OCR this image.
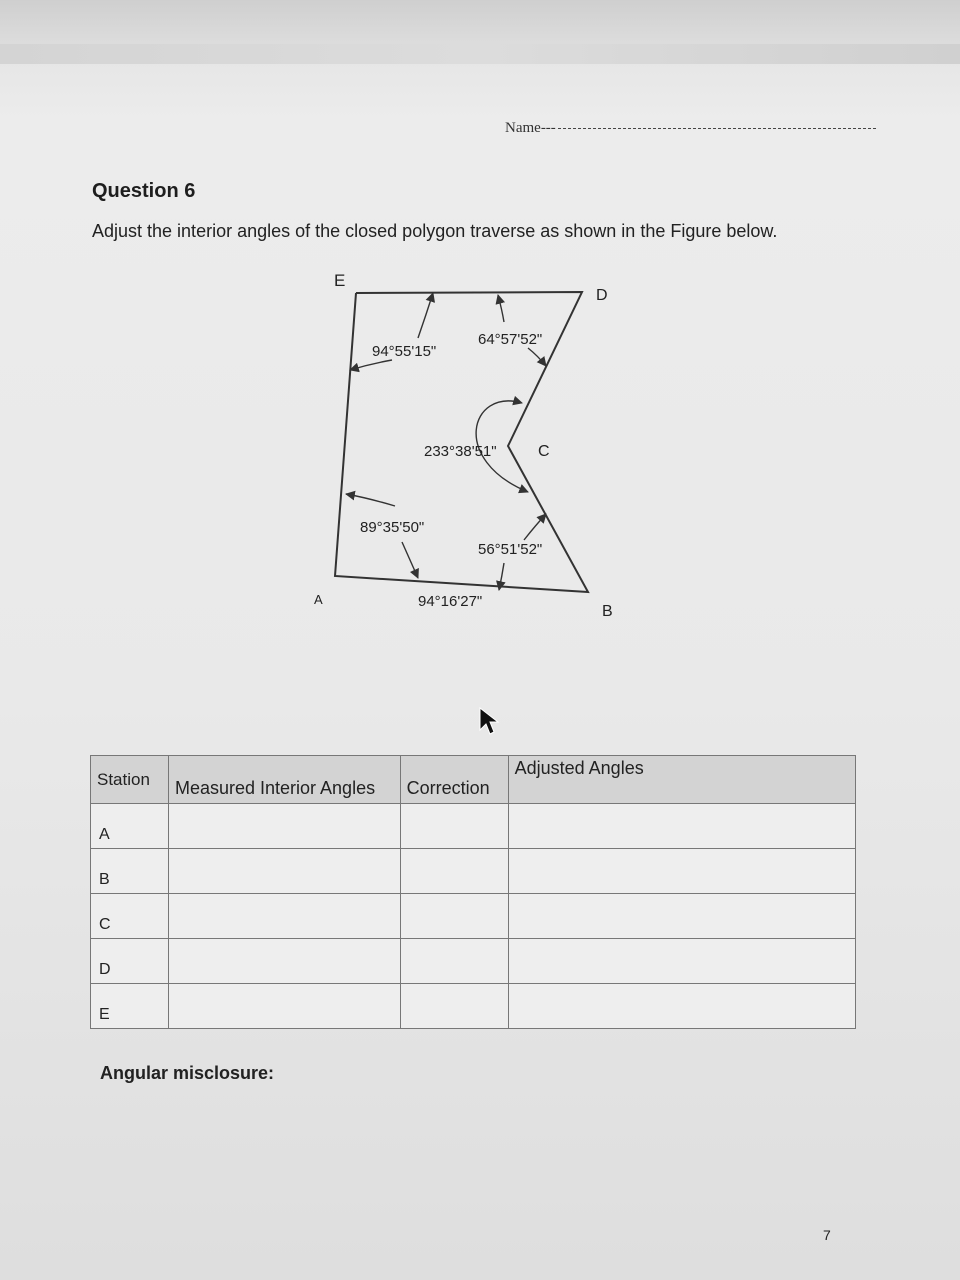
Name---
Question 6
Adjust the interior angles of the closed polygon traverse as shown in the Figure below.
E
D
C
A
B
94°55'15"
64°57'52"
233°38'51"
89°35'50"
56°51'52"
94°16'27"
Station	Measured Interior Angles	Correction	Adjusted Angles
A			
B			
C			
D			
E			
Angular misclosure:
7
